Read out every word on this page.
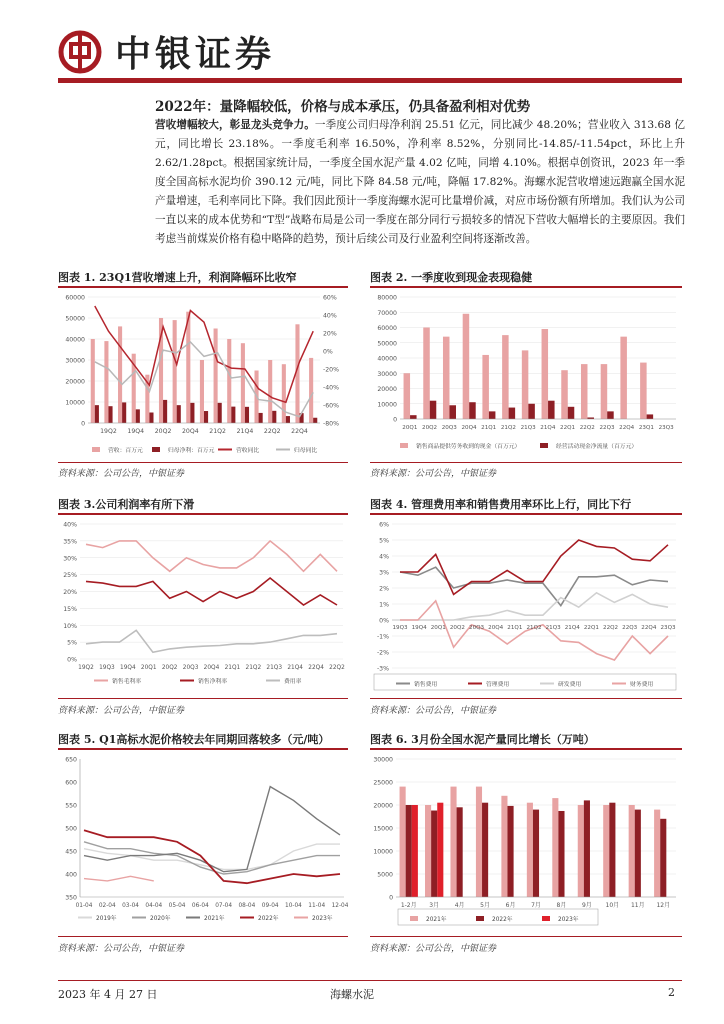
中银证券
2022年：量降幅较低，价格与成本承压，仍具备盈利相对优势
营收增幅较大，彰显龙头竞争力。一季度公司归母净利润 25.51 亿元，同比减少 48.20%；营业收入 313.68 亿元，同比增长 23.18%。一季度毛利率 16.50%，净利率 8.52%，分别同比-14.85/-11.54pct，环比上升 2.62/1.28pct。根据国家统计局，一季度全国水泥产量 4.02 亿吨，同增 4.10%。根据卓创资讯，2023 年一季度全国高标水泥均价 390.12 元/吨，同比下降 84.58 元/吨，降幅 17.82%。海螺水泥营收增速远跑赢全国水泥产量增速，毛利率同比下降。我们因此预计一季度海螺水泥可比量增价减，对应市场份额有所增加。我们认为公司一直以来的成本优势和“T型”战略布局是公司一季度在部分同行亏损较多的情况下营收大幅增长的主要原因。我们考虑当前煤炭价格有稳中略降的趋势，预计后续公司及行业盈利空间将逐渐改善。
图表 1. 23Q1营收增速上升，利润降幅环比收窄	图表 2. 一季度收到现金表现稳健
图表 3.公司利润率有所下滑	图表 4. 管理费用率和销售费用率环比上行，同比下行
图表 5. Q1高标水泥价格较去年同期回落较多（元/吨）	图表 6. 3月份全国水泥产量同比增长（万吨）
0
10000
20000
30000
40000
50000
60000
-80%
-60%
-40%
-20%
0%
20%
40%
60%
19Q2 19Q4 20Q2 20Q4 21Q2 21Q4 22Q2 22Q4
营收：百万元	归母净利：百万元	营收同比	归母同比
0
10000
20000
30000
40000
50000
60000
70000
80000
20Q1 20Q2 20Q3 20Q4 21Q1 21Q2 21Q3 21Q4 22Q1 22Q2 22Q3 22Q4 23Q1 23Q3
销售商品提供劳务收到的现金（百万元）	经营活动现金净流量（百万元）
0%
5%
10%
15%
20%
25%
30%
35%
40%
19Q2 19Q3 19Q4 20Q1 20Q2 20Q3 20Q4 21Q1 21Q2 21Q3 21Q4 22Q4 22Q2
销售毛利率	销售净利率	费用率
-3%
-2%
-1%
0%
1%
2%
3%
4%
5%
6%
19Q3 19Q4 20Q1 20Q2 20Q3 20Q4 21Q1 21Q2 21Q3 21Q4 22Q1 22Q2 22Q3 22Q4 23Q3
销售费用	管理费用	研发费用	财务费用
350
400
450
500
550
600
650
01-04 02-04 03-04 04-04 05-04 06-04 07-04 08-04 09-04 10-04 11-04 12-04
2019年	2020年	2021年	2022年	2023年
0
5000
10000
15000
20000
25000
30000
1-2月 3月	4月	5月	6月	7月	8月	9月 10月 11月 12月
2021年	2022年	2023年
资料来源：公司公告，中银证券	资料来源：公司公告，中银证券
资料来源：公司公告，中银证券	资料来源：公司公告，中银证券
资料来源：公司公告，中银证券	资料来源：公司公告，中银证券
2023 年 4 月 27 日	海螺水泥	2
